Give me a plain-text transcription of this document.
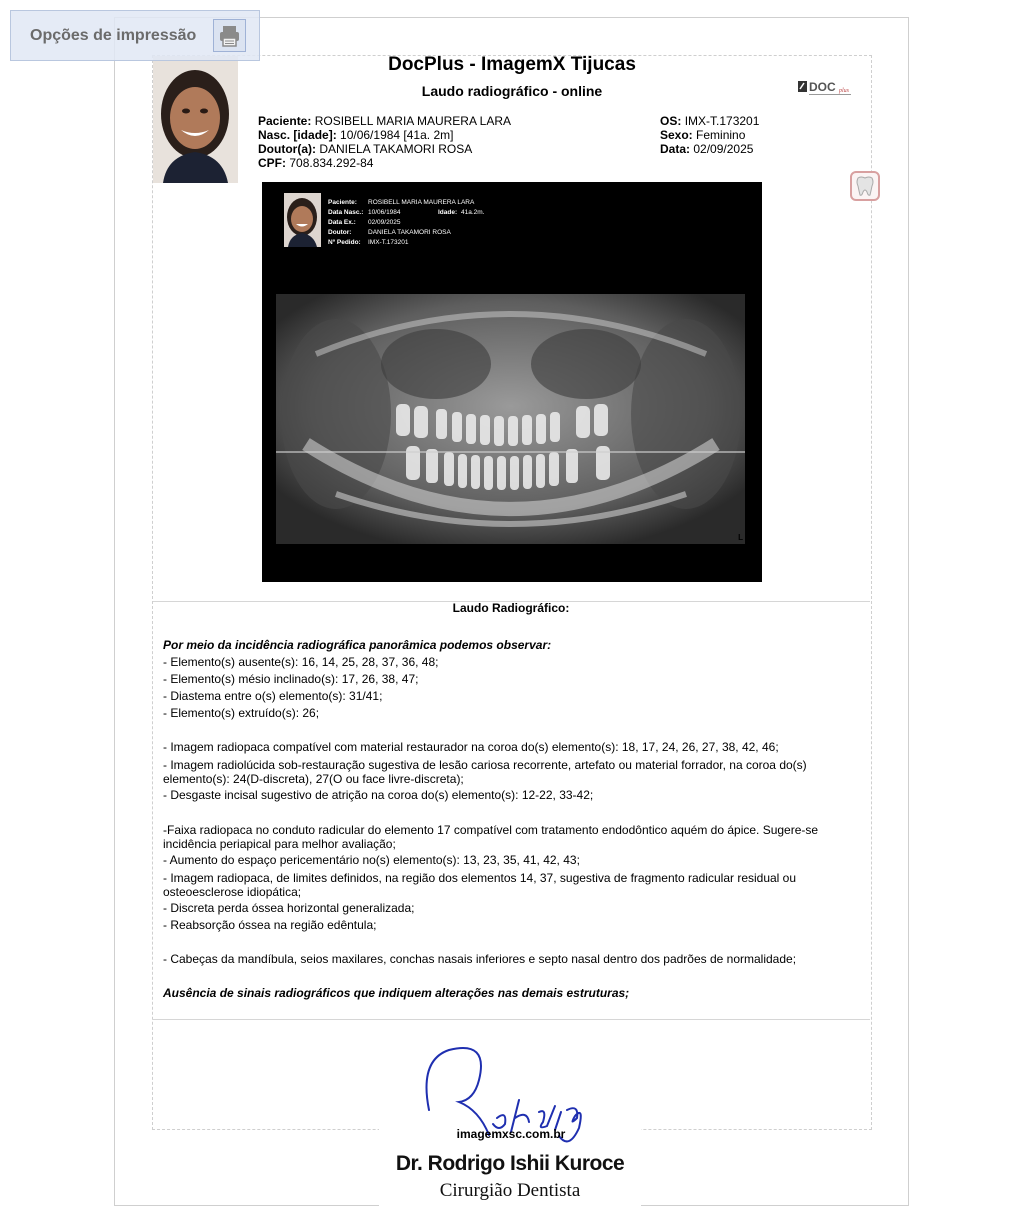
Opções de impressão
DocPlus - ImagemX Tijucas
Laudo radiográfico - online	DOC plus
Paciente: ROSIBELL MARIA MAURERA LARA
Nasc. [idade]: 10/06/1984 [41a. 2m]
Doutor(a): DANIELA TAKAMORI ROSA
CPF: 708.834.292-84
OS: IMX-T.173201
Sexo: Feminino
Data: 02/09/2025
Paciente:
Data Nasc.:
Data Ex.:
Doutor:
Nº Pedido:
ROSIBELL MARIA MAURERA LARA
10/06/1984
02/09/2025
DANIELA TAKAMORI ROSA
IMX-T.173201
Idade: 41a.2m.
L
Laudo Radiográfico:
Por meio da incidência radiográfica panorâmica podemos observar:
- Elemento(s) ausente(s): 16, 14, 25, 28, 37, 36, 48;
- Elemento(s) mésio inclinado(s): 17, 26, 38, 47;
- Diastema entre o(s) elemento(s): 31/41;
- Elemento(s) extruído(s): 26;
- Imagem radiopaca compatível com material restaurador na coroa do(s) elemento(s): 18, 17, 24, 26, 27, 38, 42, 46;
- Imagem radiolúcida sob-restauração sugestiva de lesão cariosa recorrente, artefato ou material forrador, na coroa do(s) elemento(s): 24(D-discreta), 27(O ou face livre-discreta);
- Desgaste incisal sugestivo de atrição na coroa do(s) elemento(s): 12-22, 33-42;
-Faixa radiopaca no conduto radicular do elemento 17 compatível com tratamento endodôntico aquém do ápice. Sugere-se incidência periapical para melhor avaliação;
- Aumento do espaço pericementário no(s) elemento(s): 13, 23, 35, 41, 42, 43;
- Imagem radiopaca, de limites definidos, na região dos elementos 14, 37, sugestiva de fragmento radicular residual ou osteoesclerose idiopática;
- Discreta perda óssea horizontal generalizada;
- Reabsorção óssea na região edêntula;
- Cabeças da mandíbula, seios maxilares, conchas nasais inferiores e septo nasal dentro dos padrões de normalidade;
Ausência de sinais radiográficos que indiquem alterações nas demais estruturas;
imagemxsc.com.br
Dr. Rodrigo Ishii Kuroce
Cirurgião Dentista
